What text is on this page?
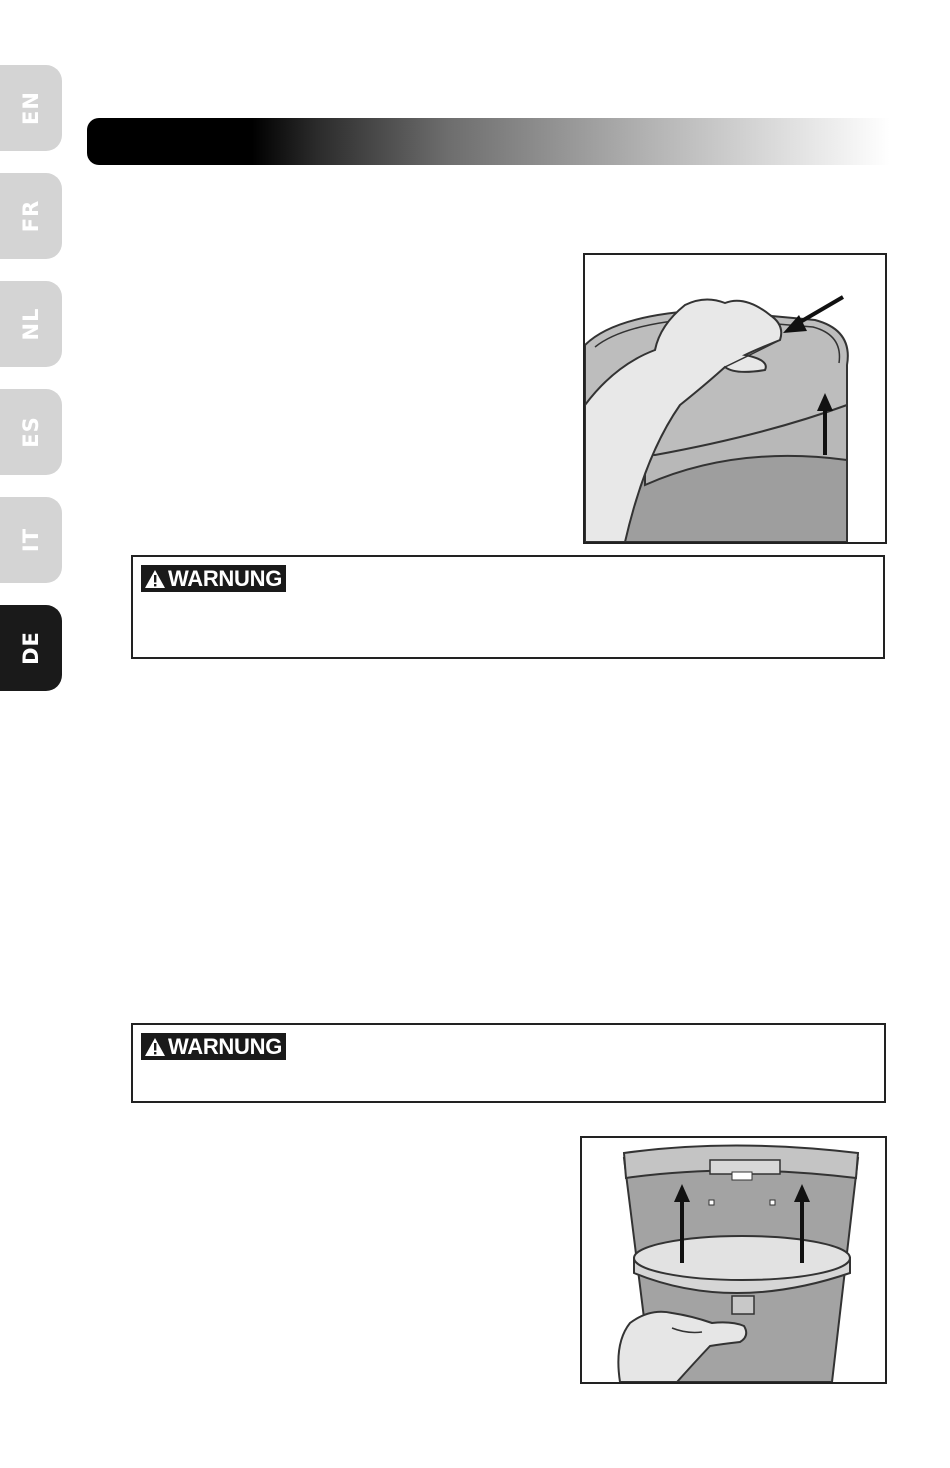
EN
FR
NL
ES
IT
DE
WARNUNG
WARNUNG
